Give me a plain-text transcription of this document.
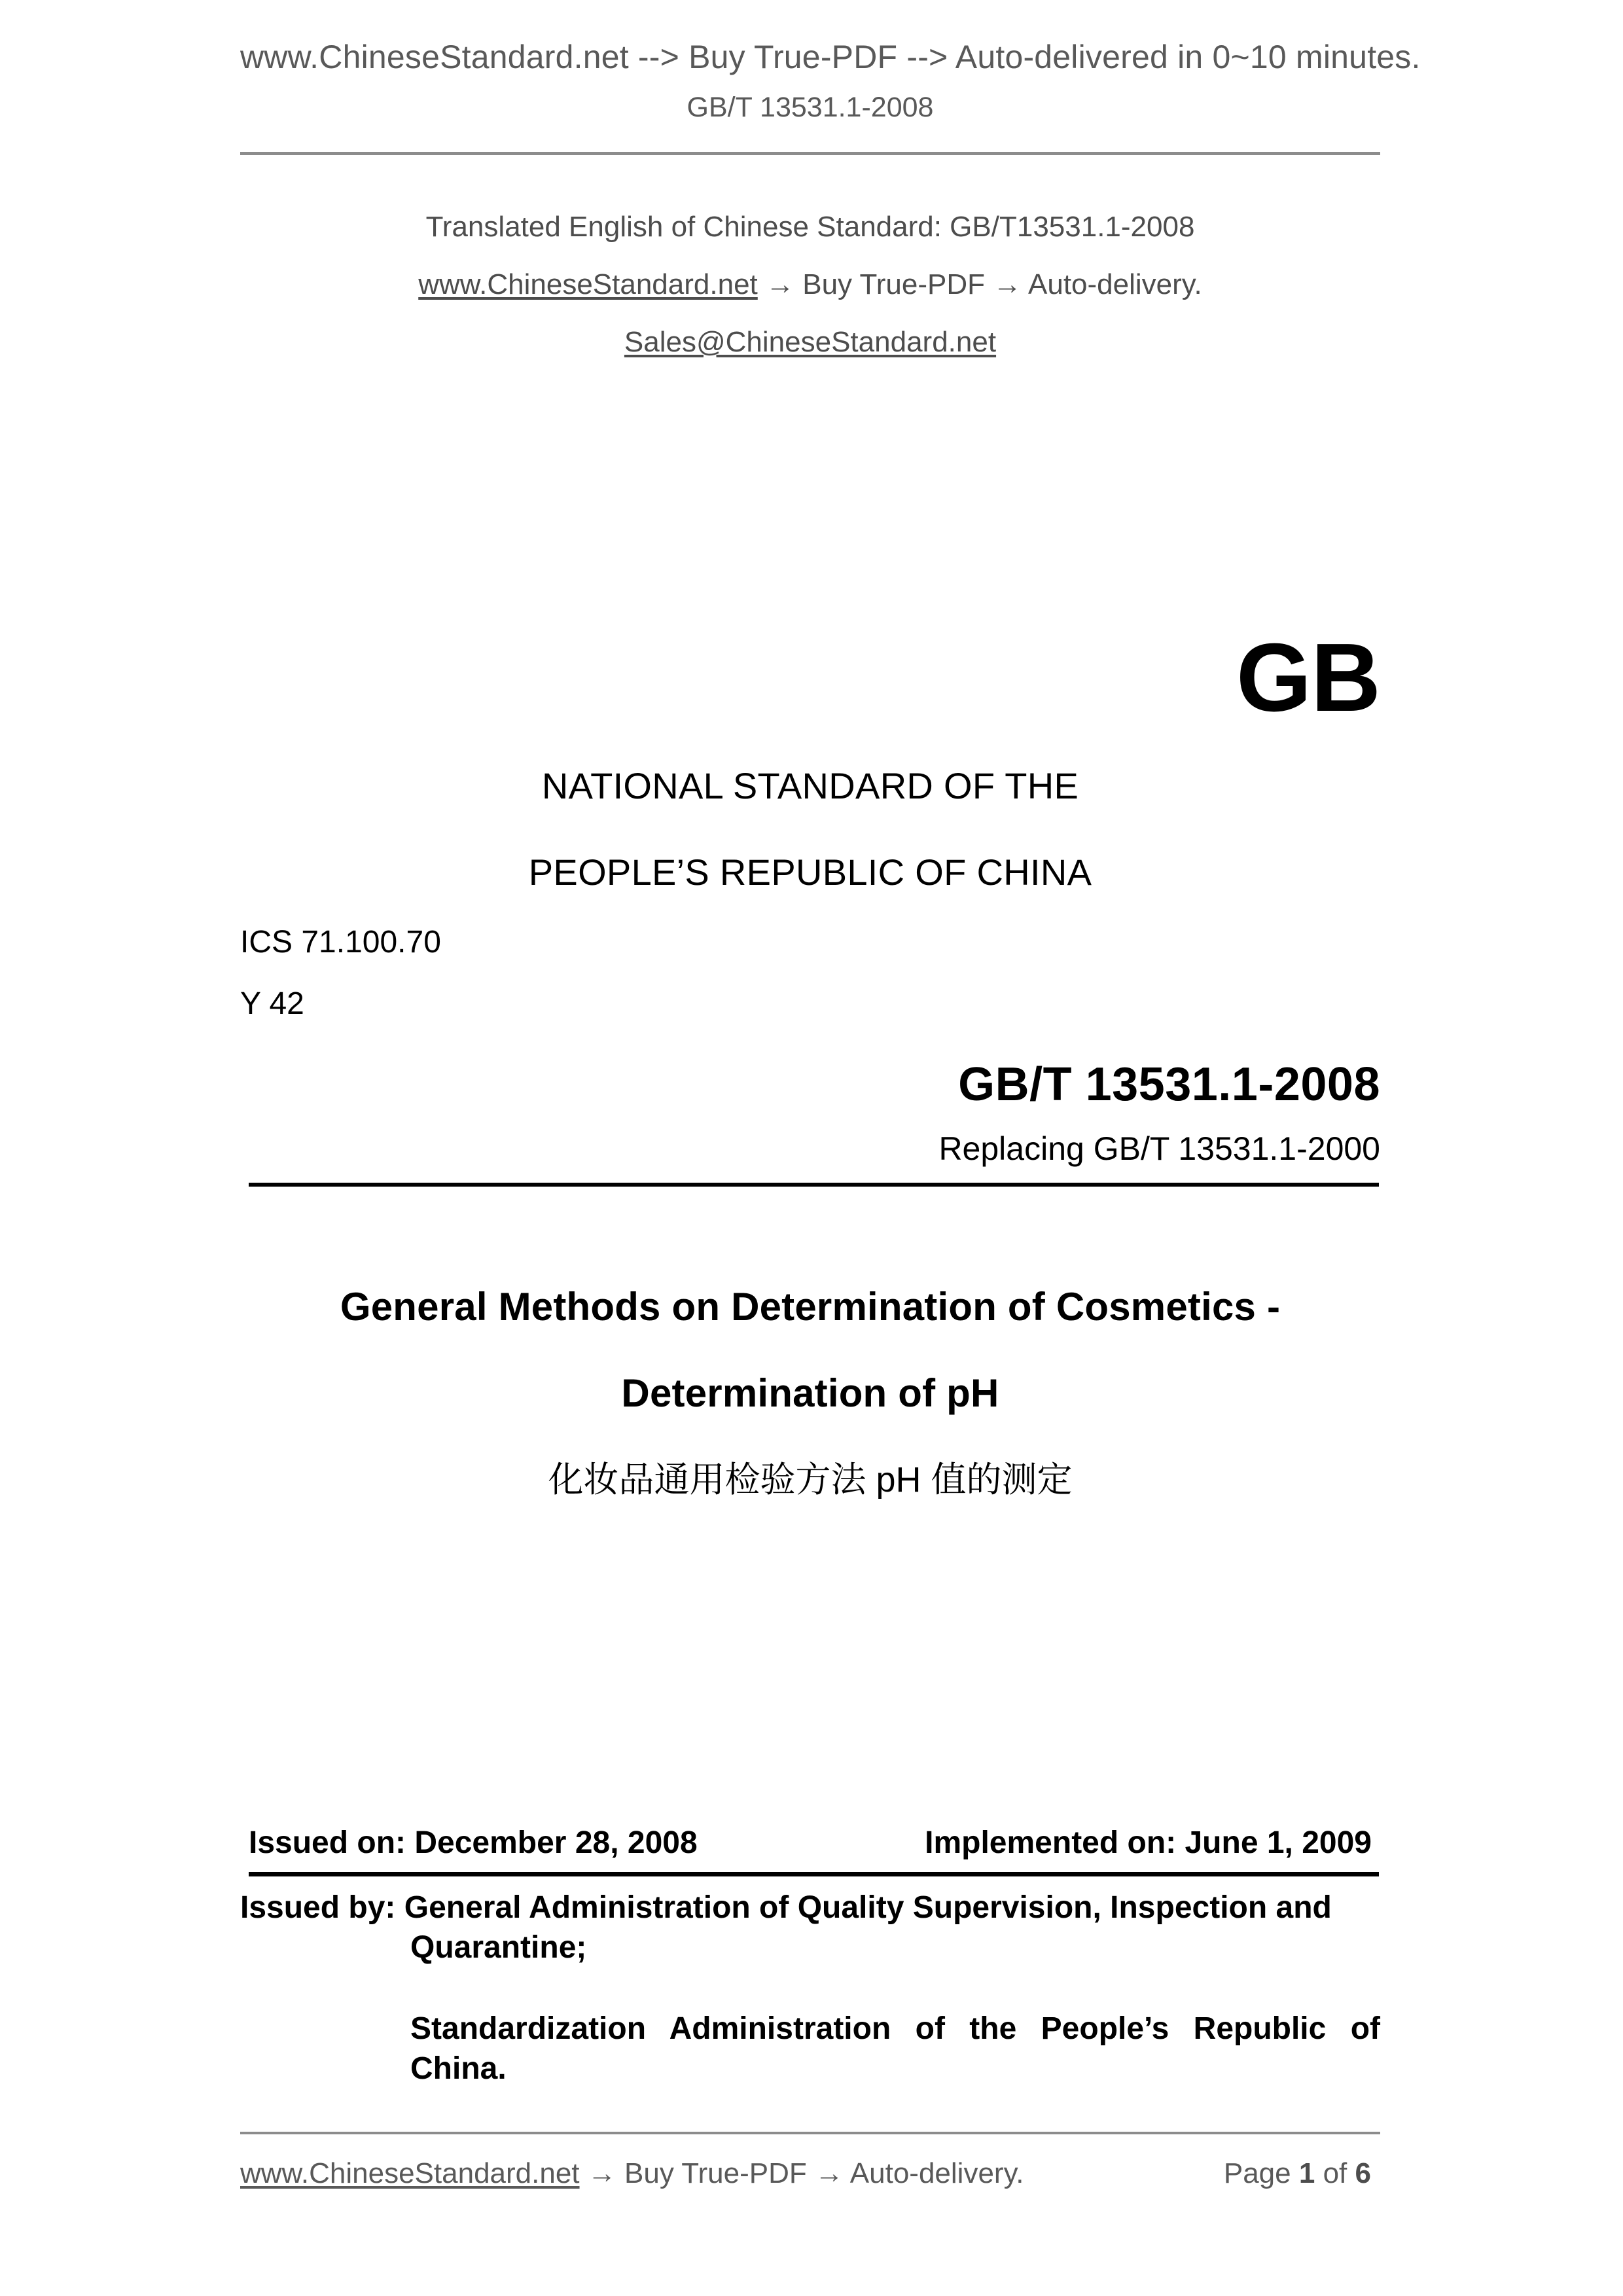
www.ChineseStandard.net --> Buy True-PDF --> Auto-delivered in 0~10 minutes.
GB/T 13531.1-2008
Translated English of Chinese Standard: GB/T13531.1-2008
www.ChineseStandard.net → Buy True-PDF → Auto-delivery.
Sales@ChineseStandard.net
GB
NATIONAL STANDARD OF THE
PEOPLE’S REPUBLIC OF CHINA
ICS 71.100.70
Y 42
GB/T 13531.1-2008
Replacing GB/T 13531.1-2000
General Methods on Determination of Cosmetics -
Determination of pH
化妆品通用检验方法 pH 值的测定
Issued on: December 28, 2008	Implemented on: June 1, 2009
Issued by: General Administration of Quality Supervision, Inspection and
Quarantine;
Standardization Administration of the People’s Republic of
China.
www.ChineseStandard.net → Buy True-PDF → Auto-delivery.	Page 1 of 6
